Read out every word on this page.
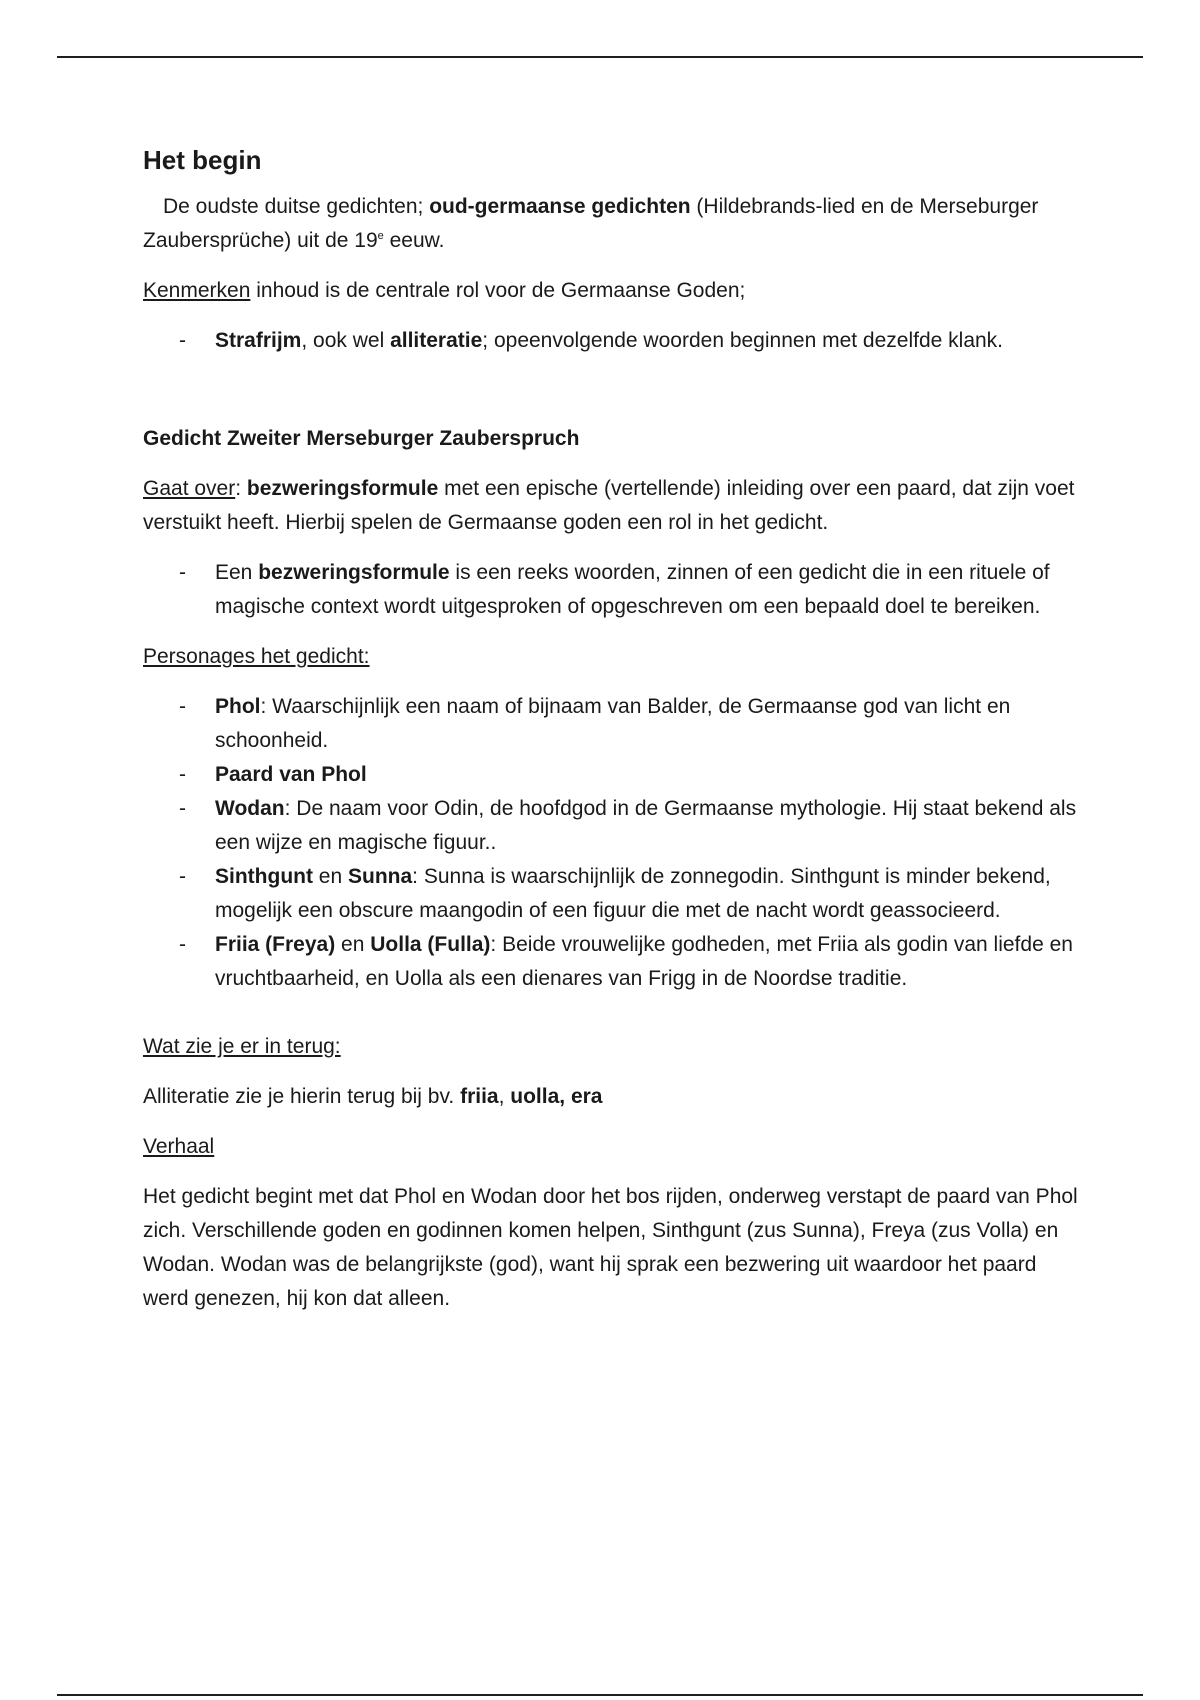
Het begin

De oudste duitse gedichten; oud-germaanse gedichten (Hildebrands-lied en de Merseburger Zaubersprüche) uit de 19e eeuw.

Kenmerken inhoud is de centrale rol voor de Germaanse Goden;

- Strafrijm, ook wel alliteratie; opeenvolgende woorden beginnen met dezelfde klank.

Gedicht Zweiter Merseburger Zauberspruch

Gaat over: bezweringsformule met een epische (vertellende) inleiding over een paard, dat zijn voet verstuikt heeft. Hierbij spelen de Germaanse goden een rol in het gedicht.

- Een bezweringsformule is een reeks woorden, zinnen of een gedicht die in een rituele of magische context wordt uitgesproken of opgeschreven om een bepaald doel te bereiken.

Personages het gedicht:

- Phol: Waarschijnlijk een naam of bijnaam van Balder, de Germaanse god van licht en schoonheid.
- Paard van Phol
- Wodan: De naam voor Odin, de hoofdgod in de Germaanse mythologie. Hij staat bekend als een wijze en magische figuur..
- Sinthgunt en Sunna: Sunna is waarschijnlijk de zonnegodin. Sinthgunt is minder bekend, mogelijk een obscure maangodin of een figuur die met de nacht wordt geassocieerd.
- Friia (Freya) en Uolla (Fulla): Beide vrouwelijke godheden, met Friia als godin van liefde en vruchtbaarheid, en Uolla als een dienares van Frigg in de Noordse traditie.

Wat zie je er in terug:

Alliteratie zie je hierin terug bij bv. friia, uolla, era

Verhaal

Het gedicht begint met dat Phol en Wodan door het bos rijden, onderweg verstapt de paard van Phol zich. Verschillende goden en godinnen komen helpen, Sinthgunt (zus Sunna), Freya (zus Volla) en Wodan. Wodan was de belangrijkste (god), want hij sprak een bezwering uit waardoor het paard werd genezen, hij kon dat alleen.
